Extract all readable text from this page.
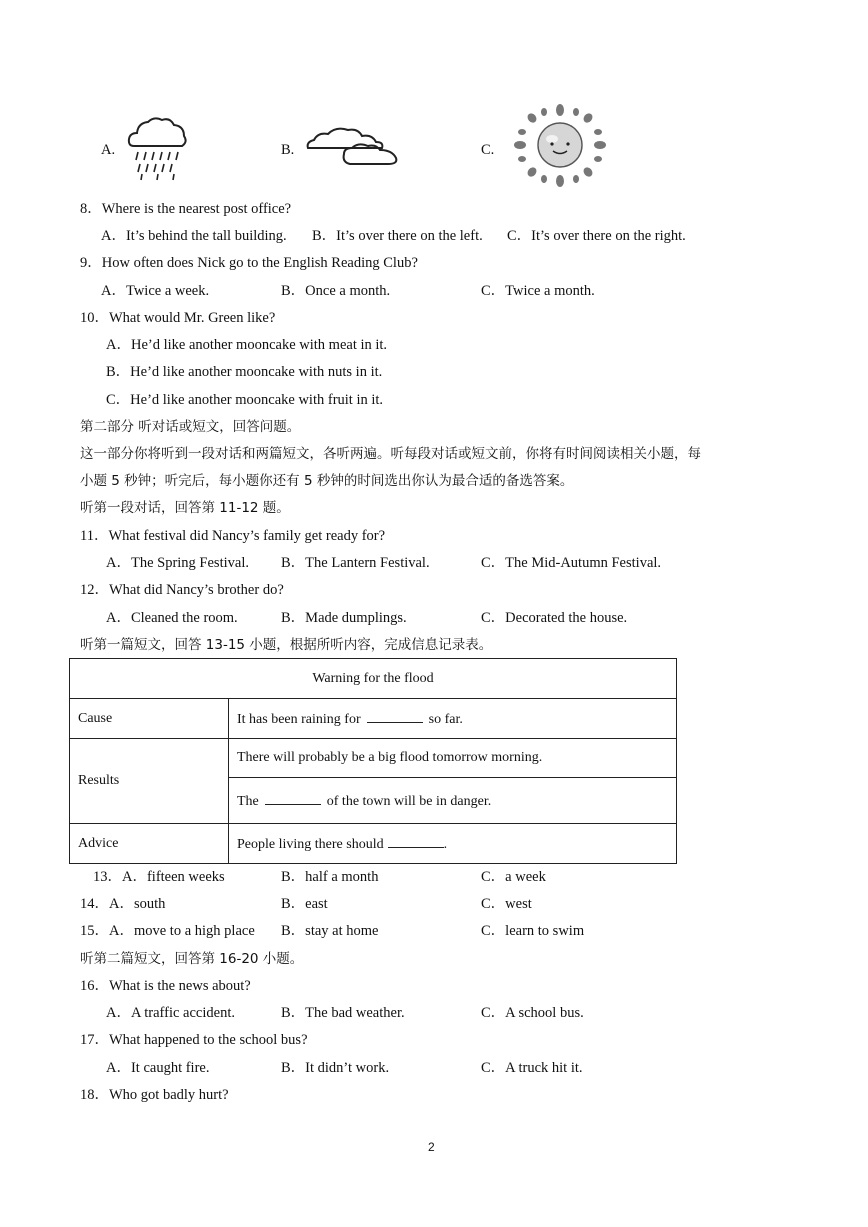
A.	B.	C.
8．Where is the nearest post office?
A．It’s behind the tall building. B．It’s over there on the left. C．It’s over there on the right.
9．How often does Nick go to the English Reading Club?
A．Twice a week.	B．Once a month.	C．Twice a month.
10．What would Mr. Green like?
A．He’d like another mooncake with meat in it.
B．He’d like another mooncake with nuts in it.
C．He’d like another mooncake with fruit in it.
第二部分 听对话或短文，回答问题。
这一部分你将听到一段对话和两篇短文，各听两遍。听每段对话或短文前，你将有时间阅读相关小题，每
小题 5 秒钟；听完后，每小题你还有 5 秒钟的时间选出你认为最合适的备选答案。
听第一段对话，回答第 11-12 题。
11．What festival did Nancy’s family get ready for?
A．The Spring Festival. B．The Lantern Festival.	C．The Mid-Autumn Festival.
12．What did Nancy’s brother do?
A．Cleaned the room.	B．Made dumplings.	C．Decorated the house.
听第一篇短文，回答 13-15 小题，根据所听内容，完成信息记录表。
Warning for the flood	
Cause	It has been raining for so far.
Results	There will probably be a big flood tomorrow morning.
	The of the town will be in danger.
Advice	People living there should .
13．A．fifteen weeks	B．half a month	C．a week
14．A．south	B．east	C．west
15．A．move to a high place B．stay at home	C．learn to swim
听第二篇短文，回答第 16-20 小题。
16．What is the news about?
A．A traffic accident.	B．The bad weather.	C．A school bus.
17．What happened to the school bus?
A．It caught fire.	B．It didn’t work.	C．A truck hit it.
18．Who got badly hurt?
2
